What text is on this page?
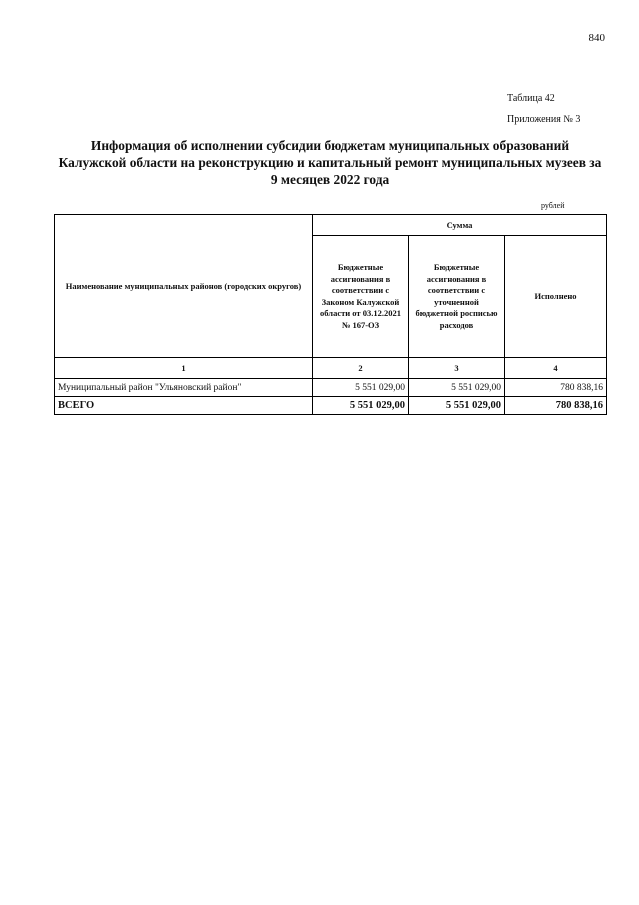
840
Таблица 42
Приложения № 3
Информация об исполнении субсидии бюджетам муниципальных образований
Калужской области на реконструкцию и капитальный ремонт муниципальных музеев за
9 месяцев 2022 года
рублей
Наименование муниципальных районов (городских округов)	Сумма		
	Бюджетные ассигнования в соответствии с Законом Калужской области от 03.12.2021 № 167-ОЗ	Бюджетные ассигнования в соответствии с уточненной бюджетной росписью расходов	Исполнено
1	2	3	4
Муниципальный район "Ульяновский район"	5 551 029,00	5 551 029,00	780 838,16
ВСЕГО	5 551 029,00	5 551 029,00	780 838,16
